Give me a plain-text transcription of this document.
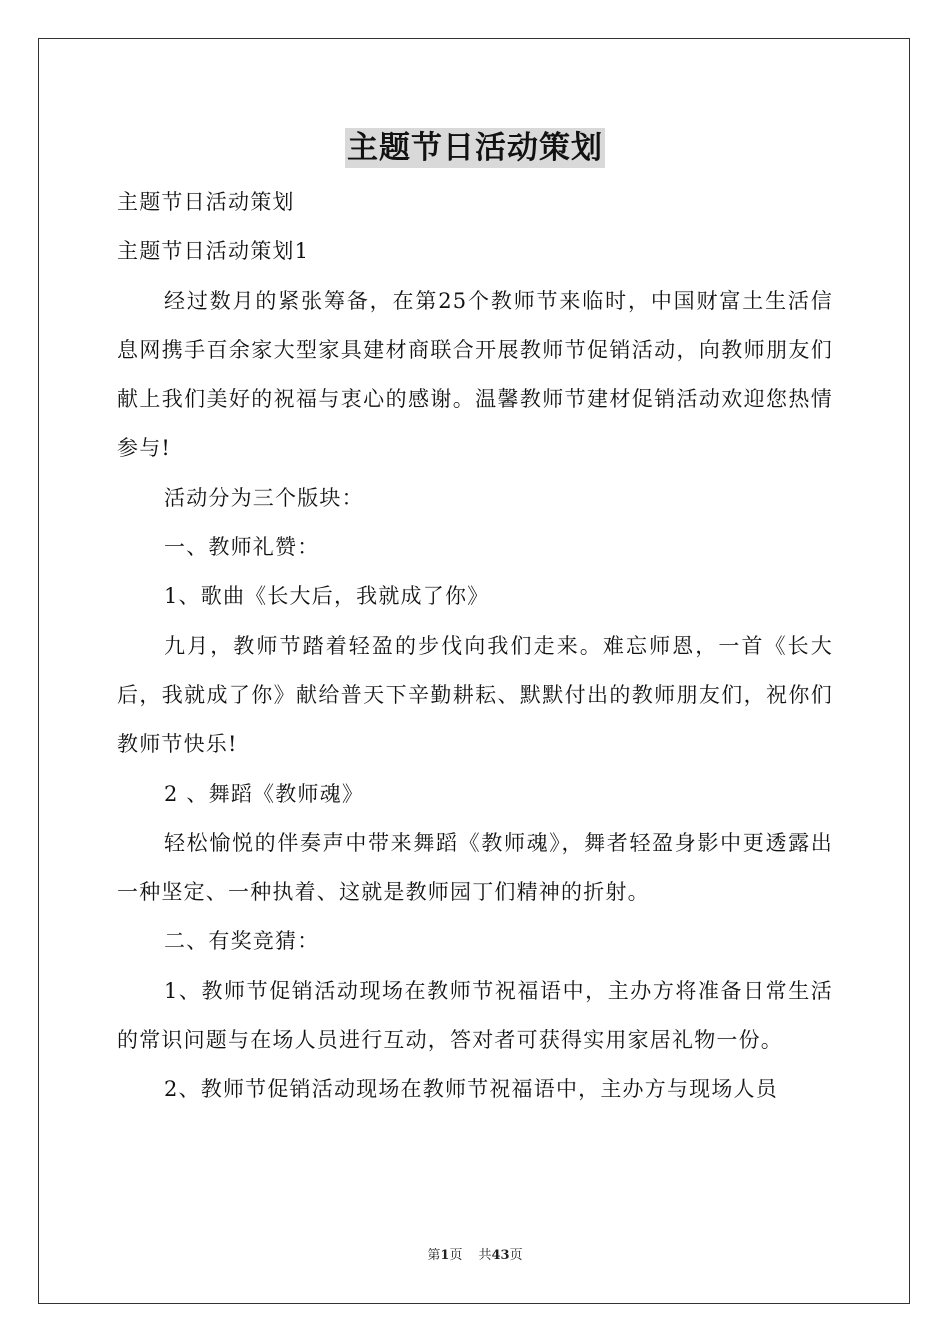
主题节日活动策划

主题节日活动策划

主题节日活动策划1

经过数月的紧张筹备，在第25个教师节来临时，中国财富土生活信息网携手百余家大型家具建材商联合开展教师节促销活动，向教师朋友们献上我们美好的祝福与衷心的感谢。温馨教师节建材促销活动欢迎您热情参与!

活动分为三个版块：

一、教师礼赞：

1、歌曲《长大后，我就成了你》

九月，教师节踏着轻盈的步伐向我们走来。难忘师恩，一首《长大后，我就成了你》献给普天下辛勤耕耘、默默付出的教师朋友们，祝你们教师节快乐!

2 、舞蹈《教师魂》

轻松愉悦的伴奏声中带来舞蹈《教师魂》，舞者轻盈身影中更透露出一种坚定、一种执着、这就是教师园丁们精神的折射。

二、有奖竞猜：

1、教师节促销活动现场在教师节祝福语中，主办方将准备日常生活的常识问题与在场人员进行互动，答对者可获得实用家居礼物一份。

2、教师节促销活动现场在教师节祝福语中，主办方与现场人员

第1页 共43页
